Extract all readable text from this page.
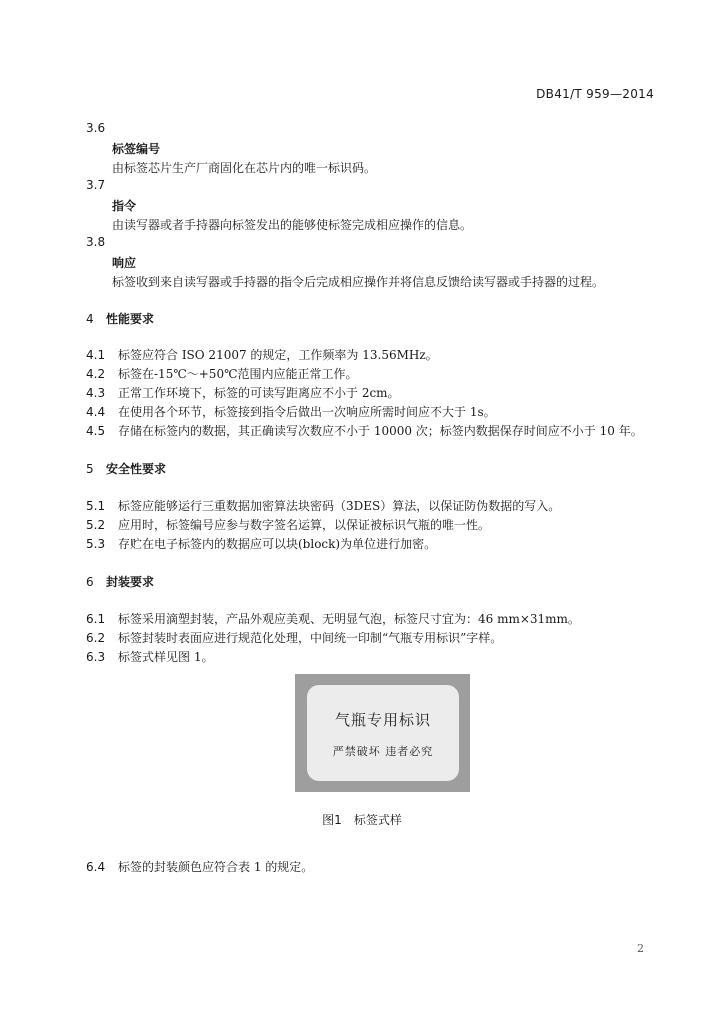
DB41/T 959—2014
3.6
标签编号
由标签芯片生产厂商固化在芯片内的唯一标识码。
3.7
指令
由读写器或者手持器向标签发出的能够使标签完成相应操作的信息。
3.8
响应
标签收到来自读写器或手持器的指令后完成相应操作并将信息反馈给读写器或手持器的过程。
4 性能要求
4.1 标签应符合 ISO 21007 的规定，工作频率为 13.56MHz。
4.2 标签在-15℃～+50℃范围内应能正常工作。
4.3 正常工作环境下，标签的可读写距离应不小于 2cm。
4.4 在使用各个环节，标签接到指令后做出一次响应所需时间应不大于 1s。
4.5 存储在标签内的数据，其正确读写次数应不小于 10000 次；标签内数据保存时间应不小于 10 年。
5 安全性要求
5.1 标签应能够运行三重数据加密算法块密码（3DES）算法，以保证防伪数据的写入。
5.2 应用时，标签编号应参与数字签名运算，以保证被标识气瓶的唯一性。
5.3 存贮在电子标签内的数据应可以块(block)为单位进行加密。
6 封装要求
6.1 标签采用滴塑封装，产品外观应美观、无明显气泡，标签尺寸宜为：46 mm×31mm。
6.2 标签封装时表面应进行规范化处理，中间统一印制“气瓶专用标识”字样。
6.3 标签式样见图 1。
气瓶专用标识
严禁破坏 违者必究
图1 标签式样
6.4 标签的封装颜色应符合表 1 的规定。
2
